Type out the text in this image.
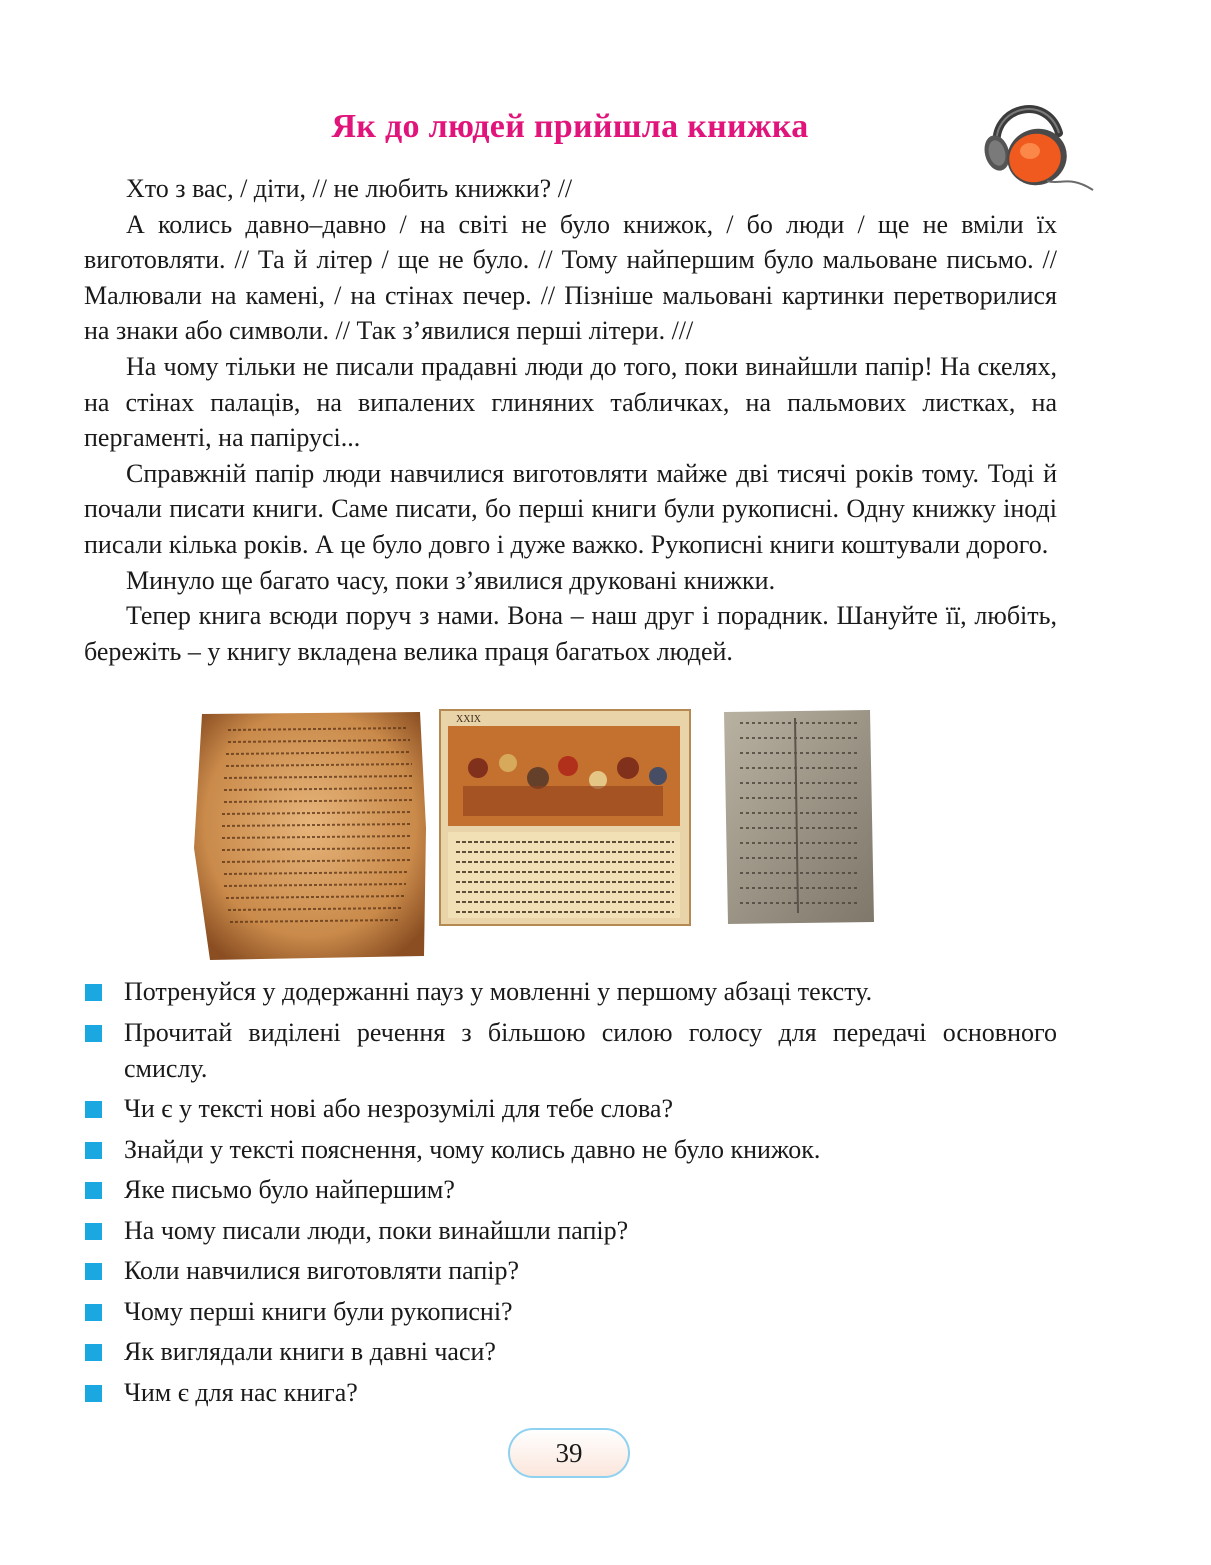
Як до людей прийшла книжка

Хто з вас, / діти, // не любить книжки? //

А колись давно–давно / на світі не було книжок, / бо люди / ще не вміли їх виготовляти. // Та й літер / ще не було. // Тому найпершим було мальоване письмо. // Малювали на камені, / на стінах печер. // Пізніше мальовані картинки перетворилися на знаки або символи. // Так з’явилися перші літери. ///

На чому тільки не писали прадавні люди до того, поки винайшли папір! На скелях, на стінах палаців, на випалених глиняних табличках, на пальмових листках, на пергаменті, на папірусі...

Справжній папір люди навчилися виготовляти майже дві тисячі років тому. Тоді й почали писати книги. Саме писати, бо перші книги були рукописні. Одну книжку іноді писали кілька років. А це було довго і дуже важко. Рукописні книги коштували дорого.

Минуло ще багато часу, поки з’явилися друковані книжки.

Тепер книга всюди поруч з нами. Вона – наш друг і порадник. Шануйте її, любіть, бережіть – у книгу вкладена велика праця багатьох людей.

XXIX
Потренуйся у додержанні пауз у мовленні у першому абзаці тексту.
Прочитай виділені речення з більшою силою голосу для передачі основного смислу.
Чи є у тексті нові або незрозумілі для тебе слова?
Знайди у тексті пояснення, чому колись давно не було книжок.
Яке письмо було найпершим?
На чому писали люди, поки винайшли папір?
Коли навчилися виготовляти папір?
Чому перші книги були рукописні?
Як виглядали книги в давні часи?
Чим є для нас книга?
39
